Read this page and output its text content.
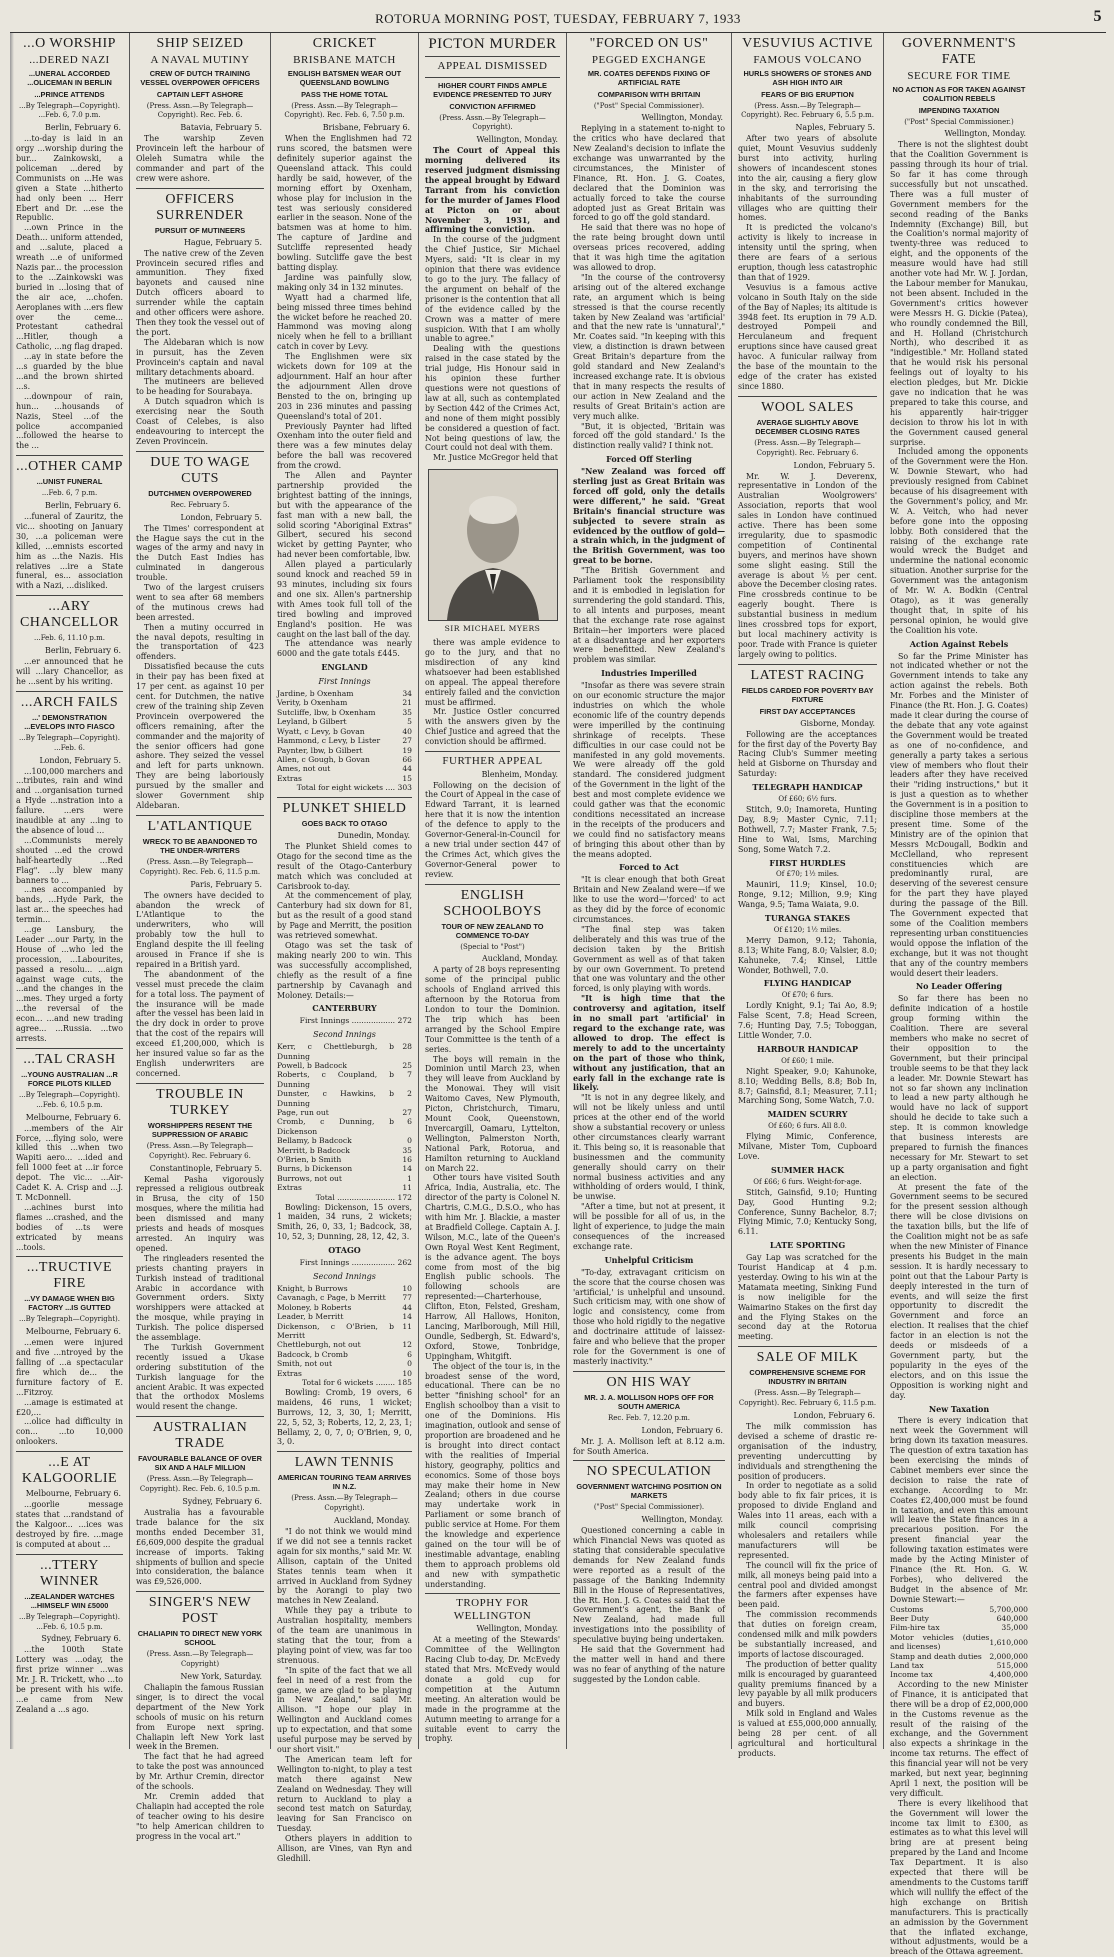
ROTORUA MORNING POST, TUESDAY, FEBRUARY 7, 1933	5
...O WORSHIP
...DERED NAZI
...UNERAL ACCORDED ...OLICEMAN IN BERLIN
...PRINCE ATTENDS
...By Telegraph—Copyright). ...Feb. 6, 7.0 p.m.
Berlin, February 6.

...to-day is laid in an orgy ...worship during the bur... Zainkowski, a policeman ...dered by Communists on ...He was given a State ...hitherto had only been ... Herr Ebert and Dr. ...ese the Republic.

...own Prince in the Death... uniform attended, and ...salute, placed a wreath ...e of uniformed Nazis par... the procession to the ...Zainkowski was buried in ...losing that of the air ace, ...chofen. Aeroplanes with ...ers flew over the ceme... Protestant cathedral ...Hitler, though a Catholic, ...ng flag draped.

...ay in state before the ...s guarded by the blue ...and the brown shirted ...s.

...downpour of rain, hun... ...housands of Nazis, Steel ...of the police accompanied ...followed the hearse to the ...

...OTHER CAMP
...UNIST FUNERAL
...Feb. 6, 7 p.m.
Berlin, February 6.

...funeral of Zauritz, the vic... shooting on January 30, ...a policeman were killed, ...emnists escorted him as ...the Nazis. His relatives ...ire a State funeral, es... association with a Nazi, ...disliked.

...ARY CHANCELLOR
...Feb. 6, 11.10 p.m.
Berlin, February 6.

...er announced that he will ...lary Chancellor, as he ...sent by his writing.

...ARCH FAILS
...' DEMONSTRATION ...EVELOPS INTO FIASCO
...By Telegraph—Copyright). ...Feb. 6.
London, February 5.

...100,000 marchers and ...tributes, rain and wind and ...organisation turned a Hyde ...nstration into a failure. ...ers were inaudible at any ...ing to the absence of loud ...

...Communists merely shouted ...ed the crowd half-heartedly ...Red Flag". ...ly blew many banners to ...

...nes accompanied by bands, ...Hyde Park, the last ar... the speeches had termin...

...ge Lansbury, the Leader ...our Party, in the House of ...who led the procession, ...Labourites, passed a resolu... ...aign against wage cuts, the ...and the changes in the ...mes. They urged a forty ...the reversal of the econ... ...and new trading agree... ...Russia. ...two arrests.

...TAL CRASH
...YOUNG AUSTRALIAN ...R FORCE PILOTS KILLED
...By Telegraph—Copyright). ...Feb. 6, 10.5 p.m.
Melbourne, February 6.

...members of the Air Force, ...flying solo, were killed this ...when two Wapiti aero... ...ided and fell 1000 feet at ...ir force depot. The vic... ...Air-Cadet K. A. Crisp and ...J. T. McDonnell.

...achines burst into flames ...crashed, and the bodies of ...ts were extricated by means ...tools.

...TRUCTIVE FIRE
...VY DAMAGE WHEN BIG FACTORY ...IS GUTTED
...By Telegraph—Copyright).
Melbourne, February 6.

...emen were injured and five ...ntroyed by the falling of ...a spectacular fire which de... the furniture factory of E. ...Fitzroy.

...amage is estimated at £20,...

...olice had difficulty in con... ...to 10,000 onlookers.

...E AT KALGOORLIE
Melbourne, February 6.

...goorlie message states that ...randstand of the Kalgoor... ...ices was destroyed by fire. ...mage is computed at about ...

...TTERY WINNER
...ZEALANDER WATCHES ...HIMSELF WIN £5000
...By Telegraph—Copyright). ...Feb. 6, 10.5 p.m.
Sydney, February 6.

...the 100th State Lottery was ...oday, the first prize winner ...was Mr. J. R. Trickett, who ...to be present with his wife. ...e came from New Zealand a ...s ago.

SHIP SEIZED
A NAVAL MUTINY
CREW OF DUTCH TRAINING VESSEL OVERPOWER OFFICERS
CAPTAIN LEFT ASHORE
(Press. Assn.—By Telegraph—Copyright). Rec. Feb. 6.
Batavia, February 5.

The warship Zeven Provincein left the harbour of Oleleh Sumatra while the commander and part of the crew were ashore.

OFFICERS SURRENDER
PURSUIT OF MUTINEERS
Hague, February 5.

The native crew of the Zeven Provincein secured rifles and ammunition. They fixed bayonets and caused nine Dutch officers aboard to surrender while the captain and other officers were ashore. Then they took the vessel out of the port.

The Aldebaran which is now in pursuit, has the Zeven Provincein's captain and naval military detachments aboard.

The mutineers are believed to be heading for Sourabaya.

A Dutch squadron which is exercising near the South Coast of Celebes, is also endeavouring to intercept the Zeven Provincein.

DUE TO WAGE CUTS
DUTCHMEN OVERPOWERED
Rec. February 5.
London, February 5.

The Times' correspondent at the Hague says the cut in the wages of the army and navy in the Dutch East Indies has culminated in dangerous trouble.

Two of the largest cruisers went to sea after 68 members of the mutinous crews had been arrested.

Then a mutiny occurred in the naval depots, resulting in the transportation of 423 offenders.

Dissatisfied because the cuts in their pay has been fixed at 17 per cent. as against 10 per cent. for Dutchmen, the native crew of the training ship Zeven Provincein overpowered the officers remaining, after the commander and the majority of the senior officers had gone ashore. They seized the vessel and left for parts unknown. They are being laboriously pursued by the smaller and slower Government ship Aldebaran.

L'ATLANTIQUE
WRECK TO BE ABANDONED TO THE UNDER-WRITERS
(Press. Assn.—By Telegraph—Copyright). Rec. Feb. 6, 11.5 p.m.
Paris, February 5.

The owners have decided to abandon the wreck of L'Atlantique to the underwriters, who will probably tow the hull to England despite the ill feeling aroused in France if she is repaired in a British yard.

The abandonment of the vessel must precede the claim for a total loss. The payment of the insurance will be made after the vessel has been laid in the dry dock in order to prove that the cost of the repairs will exceed £1,200,000, which is her insured value so far as the English underwriters are concerned.

TROUBLE IN TURKEY
WORSHIPPERS RESENT THE SUPPRESSION OF ARABIC
(Press. Assn.—By Telegraph—Copyright). Rec. February 6.
Constantinople, February 5.

Kemal Pasha vigorously repressed a religious outbreak in Brusa, the city of 150 mosques, where the militia had been dismissed and many priests and heads of mosques arrested. An inquiry was opened.

The ringleaders resented the priests chanting prayers in Turkish instead of traditional Arabic in accordance with Government orders. Sixty worshippers were attacked at the mosque, while praying in Turkish. The police dispersed the assemblage.

The Turkish Government recently issued a Ukase ordering substitution of the Turkish language for the ancient Arabic. It was expected that the orthodox Moslems would resent the change.

AUSTRALIAN TRADE
FAVOURABLE BALANCE OF OVER SIX AND A HALF MILLION
(Press. Assn.—By Telegraph—Copyright). Rec. Feb. 6, 10.5 p.m.
Sydney, February 6.

Australia has a favourable trade balance for the six months ended December 31, £6,609,000 despite the gradual increase of imports. Taking shipments of bullion and specie into consideration, the balance was £9,526,000.

SINGER'S NEW POST
CHALIAPIN TO DIRECT NEW YORK SCHOOL
(Press. Assn.—By Telegraph—Copyright)
New York, Saturday.

Chaliapin the famous Russian singer, is to direct the vocal department of the New York schools of music on his return from Europe next spring. Chaliapin left New York last week in the Bremen.

The fact that he had agreed to take the post was announced by Mr. Arthur Cremin, director of the schools.

Mr. Cremin added that Chaliapin had accepted the role of teacher owing to his desire "to help American children to progress in the vocal art."

CRICKET
BRISBANE MATCH
ENGLISH BATSMEN WEAR OUT QUEENSLAND BOWLING
PASS THE HOME TOTAL
(Press. Assn.—By Telegraph—Copyright). Rec. Feb. 6, 7.50 p.m.
Brisbane, February 6.

When the Englishmen had 72 runs scored, the batsmen were definitely superior against the Queensland attack. This could hardly be said, however, of the morning effort by Oxenham, whose play for inclusion in the test was seriously considered earlier in the season. None of the batsmen was at home to him. The capture of Jardine and Sutcliffe represented heady bowling. Sutcliffe gave the best batting display.

Jardine was painfully slow, making only 34 in 132 minutes.

Wyatt had a charmed life, being missed three times behind the wicket before he reached 20. Hammond was moving along nicely when he fell to a brilliant catch in cover by Levy.

The Englishmen were six wickets down for 109 at the adjournment. Half an hour after the adjournment Allen drove Bensted to the on, bringing up 203 in 236 minutes and passing Queensland's total of 201.

Previously Paynter had lifted Oxenham into the outer field and there was a few minutes delay before the ball was recovered from the crowd.

The Allen and Paynter partnership provided the brightest batting of the innings, but with the appearance of the fast man with a new ball, the solid scoring "Aboriginal Extras" Gilbert, secured his second wicket by getting Paynter, who had never been comfortable, lbw.

Allen played a particularly sound knock and reached 59 in 93 minutes, including six fours and one six. Allen's partnership with Ames took full toll of the tired bowling and improved England's position. He was caught on the last ball of the day.

The attendance was nearly 6000 and the gate totals £445.

ENGLAND
First Innings
Jardine, b Oxenham	34
Verity, b Oxenham	21
Sutcliffe, lbw, b Oxenham	35
Leyland, b Gilbert	5
Wyatt, c Levy, b Govan	40
Hammond, c Levy, b Lister	27
Paynter, lbw, b Gilbert	19
Allen, c Gough, b Govan	66
Ames, not out	44
Extras	15
Total for eight wickets .... 303
PLUNKET SHIELD
GOES BACK TO OTAGO
Dunedin, Monday.

The Plunket Shield comes to Otago for the second time as the result of the Otago-Canterbury match which was concluded at Carisbrook to-day.

At the commencement of play, Canterbury had six down for 81, but as the result of a good stand by Page and Merritt, the position was retrieved somewhat.

Otago was set the task of making nearly 200 to win. This was successfully accomplished, chiefly as the result of a fine partnership by Cavanagh and Moloney. Details:—

CANTERBURY
First Innings .................. 272
Second Innings
Kerr, c Chettleburgh, b Dunning	28
Powell, b Badcock	25
Roberts, c Coupland, b Dunning	7
Dunster, c Hawkins, b Dunning	2
Page, run out	27
Cromb, c Dunning, b Dickenson	6
Bellamy, b Badcock	0
Merritt, b Badcock	35
O'Brien, b Smith	16
Burns, b Dickenson	14
Burrows, not out	1
Extras	11
Total ........................ 172

Bowling: Dickenson, 15 overs, 1 maiden, 34 runs, 2 wickets; Smith, 26, 0, 33, 1; Badcock, 38, 10, 52, 3; Dunning, 28, 12, 42, 3.

OTAGO
First Innings .................. 262
Second Innings
Knight, b Burrows	10
Cavanagh, c Page, b Merritt	77
Moloney, b Roberts	44
Leader, b Merritt	14
Dickenson, c O'Brien, b Merritt	11
Chettleburgh, not out	12
Badcock, b Cromb	6
Smith, not out	0
Extras	10
Total for 6 wickets ........ 185

Bowling: Cromb, 19 overs, 6 maidens, 46 runs, 1 wicket; Burrows, 12, 3, 30, 1; Merritt, 22, 5, 52, 3; Roberts, 12, 2, 23, 1; Bellamy, 2, 0, 7, 0; O'Brien, 9, 0, 3, 0.

LAWN TENNIS
AMERICAN TOURING TEAM ARRIVES IN N.Z.
(Press. Assn.—By Telegraph—Copyright).
Auckland, Monday.

"I do not think we would mind if we did not see a tennis racket again for six months," said Mr. W. Allison, captain of the United States tennis team when it arrived in Auckland from Sydney by the Aorangi to play two matches in New Zealand.

While they pay a tribute to Australian hospitality, members of the team are unanimous in stating that the tour, from a playing point of view, was far too strenuous.

"In spite of the fact that we all feel in need of a rest from the game, we are glad to be playing in New Zealand," said Mr. Allison. "I hope our play in Wellington and Auckland comes up to expectation, and that some useful purpose may be served by our short visit."

The American team left for Wellington to-night, to play a test match there against New Zealand on Wednesday. They will return to Auckland to play a second test match on Saturday, leaving for San Francisco on Tuesday.

Others players in addition to Allison, are Vines, van Ryn and Gledhill.

PICTON MURDER
APPEAL DISMISSED
HIGHER COURT FINDS AMPLE EVIDENCE PRESENTED TO JURY
CONVICTION AFFIRMED
(Press. Assn.—By Telegraph—Copyright).
Wellington, Monday.

The Court of Appeal this morning delivered its reserved judgment dismissing the appeal brought by Edward Tarrant from his conviction for the murder of James Flood at Picton on or about November 3, 1931, and affirming the conviction.

In the course of the judgment the Chief Justice, Sir Michael Myers, said: "It is clear in my opinion that there was evidence to go to the jury. The fallacy of the argument on behalf of the prisoner is the contention that all of the evidence called by the Crown was a matter of mere suspicion. With that I am wholly unable to agree."

Dealing with the questions raised in the case stated by the trial judge, His Honour said in his opinion these further questions were not questions of law at all, such as contemplated by Section 442 of the Crimes Act, and none of them might possibly be considered a question of fact. Not being questions of law, the Court could not deal with them.

Mr. Justice McGregor held that

SIR MICHAEL MYERS

there was ample evidence to go to the jury, and that no misdirection of any kind whatsoever had been established on appeal. The appeal therefore entirely failed and the conviction must be affirmed.

Mr. Justice Ostler concurred with the answers given by the Chief Justice and agreed that the conviction should be affirmed.

FURTHER APPEAL
Blenheim, Monday.

Following on the decision of the Court of Appeal in the case of Edward Tarrant, it is learned here that it is now the intention of the defence to apply to the Governor-General-in-Council for a new trial under section 447 of the Crimes Act, which gives the Governor-General power to review.

ENGLISH SCHOOLBOYS
TOUR OF NEW ZEALAND TO COMMENCE TO-DAY
(Special to "Post")
Auckland, Monday.

A party of 28 boys representing some of the principal public schools of England arrived this afternoon by the Rotorua from London to tour the Dominion. The trip which has been arranged by the School Empire Tour Committee is the tenth of a series.

The boys will remain in the Dominion until March 23, when they will leave from Auckland by the Monowai. They will visit Waitomo Caves, New Plymouth, Picton, Christchurch, Timaru, Mount Cook, Queenstown, Invercargill, Oamaru, Lyttelton, Wellington, Palmerston North, National Park, Rotorua, and Hamilton returning to Auckland on March 22.

Other tours have visited South Africa, India, Australia, etc. The director of the party is Colonel N. Chartris, C.M.G., D.S.O., who has with him Mr. J. Blackie, a master at Bradfield College. Captain A. J. Wilson, M.C., late of the Queen's Own Royal West Kent Regiment, is the advance agent. The boys come from most of the big English public schools. The following schools are represented:—Charterhouse, Clifton, Eton, Felsted, Gresham, Harrow, All Hallows, Honiton, Lancing, Marlborough, Mill Hill, Oundle, Sedbergh, St. Edward's, Oxford, Stowe, Tonbridge, Uppingham, Whitgift.

The object of the tour is, in the broadest sense of the word, educational. There can be no better "finishing school" for an English schoolboy than a visit to one of the Dominions. His imagination, outlook and sense of proportion are broadened and he is brought into direct contact with the realities of Imperial history, geography, politics and economics. Some of those boys may make their home in New Zealand; others in due course may undertake work in Parliament or some branch of public service at Home. For them the knowledge and experience gained on the tour will be of inestimable advantage, enabling them to approach problems old and new with sympathetic understanding.

TROPHY FOR WELLINGTON
Wellington, Monday.

At a meeting of the Stewards' Committee of the Wellington Racing Club to-day, Dr. McEvedy stated that Mrs. McEvedy would donate a gold cup for competition at the Autumn meeting. An alteration would be made in the programme at the Autumn meeting to arrange for a suitable event to carry the trophy.

"FORCED ON US"
PEGGED EXCHANGE
MR. COATES DEFENDS FIXING OF ARTIFICIAL RATE
COMPARISON WITH BRITAIN
("Post" Special Commissioner).
Wellington, Monday.

Replying in a statement to-night to the critics who have declared that New Zealand's decision to inflate the exchange was unwarranted by the circumstances, the Minister of Finance, Rt. Hon. J. G. Coates, declared that the Dominion was actually forced to take the course adopted just as Great Britain was forced to go off the gold standard.

He said that there was no hope of the rate being brought down until overseas prices recovered, adding that it was high time the agitation was allowed to drop.

"In the course of the controversy arising out of the altered exchange rate, an argument which is being stressed is that the course recently taken by New Zealand was 'artificial' and that the new rate is 'unnatural'," Mr. Coates said. "In keeping with this view, a distinction is drawn between Great Britain's departure from the gold standard and New Zealand's increased exchange rate. It is obvious that in many respects the results of our action in New Zealand and the results of Great Britain's action are very much alike.

"But, it is objected, 'Britain was forced off the gold standard.' Is the distinction really valid? I think not.

Forced Off Sterling

"New Zealand was forced off sterling just as Great Britain was forced off gold, only the details were different," he said. "Great Britain's financial structure was subjected to severe strain as evidenced by the outflow of gold—a strain which, in the judgment of the British Government, was too great to be borne.

"The British Government and Parliament took the responsibility and it is embodied in legislation for surrendering the gold standard. This, to all intents and purposes, meant that the exchange rate rose against Britain—her importers were placed at a disadvantage and her exporters were benefitted. New Zealand's problem was similar.

Industries Imperilled

"Insofar as there was severe strain on our economic structure the major industries on which the whole economic life of the country depends were imperilled by the continuing shrinkage of receipts. These difficulties in our case could not be manifested in any gold movements. We were already off the gold standard. The considered judgment of the Government in the light of the best and most complete evidence we could gather was that the economic conditions necessitated an increase in the receipts of the producers and we could find no satisfactory means of bringing this about other than by the means adopted.

Forced to Act

"It is clear enough that both Great Britain and New Zealand were—if we like to use the word—'forced' to act as they did by the force of economic circumstances.

"The final step was taken deliberately and this was true of the decision taken by the British Government as well as of that taken by our own Government. To pretend that one was voluntary and the other forced, is only playing with words.

"It is high time that the controversy and agitation, itself in no small part 'artificial' in regard to the exchange rate, was allowed to drop. The effect is merely to add to the uncertainty on the part of those who think, without any justification, that an early fall in the exchange rate is likely.

"It is not in any degree likely, and will not be likely unless and until prices at the other end of the world show a substantial recovery or unless other circumstances clearly warrant it. This being so, it is reasonable that businessmen and the community generally should carry on their normal business activities and any withholding of orders would, I think, be unwise.

"After a time, but not at present, it will be possible for all of us, in the light of experience, to judge the main consequences of the increased exchange rate.

Unhelpful Criticism

"To-day, extravagant criticism on the score that the course chosen was 'artificial,' is unhelpful and unsound. Such criticism may, with one show of logic and consistency, come from those who hold rigidly to the negative and doctrinaire attitude of laissez-faire and who believe that the proper role for the Government is one of masterly inactivity."

ON HIS WAY
MR. J. A. MOLLISON HOPS OFF FOR SOUTH AMERICA
Rec. Feb. 7, 12.20 p.m.
London, February 6.

Mr. J. A. Mollison left at 8.12 a.m. for South America.

NO SPECULATION
GOVERNMENT WATCHING POSITION ON MARKETS
("Post" Special Commissioner).
Wellington, Monday.

Questioned concerning a cable in which Financial News was quoted as stating that considerable speculative demands for New Zealand funds were reported as a result of the passage of the Banking Indemnity Bill in the House of Representatives, the Rt. Hon. J. G. Coates said that the Government's agent, the Bank of New Zealand, had made full investigations into the possibility of speculative buying being undertaken.

He said that the Government had the matter well in hand and there was no fear of anything of the nature suggested by the London cable.

VESUVIUS ACTIVE
FAMOUS VOLCANO
HURLS SHOWERS OF STONES AND ASH HIGH INTO AIR
FEARS OF BIG ERUPTION
(Press. Assn.—By Telegraph—Copyright). Rec. February 6, 5.5 p.m.
Naples, February 5.

After two years of absolute quiet, Mount Vesuvius suddenly burst into activity, hurling showers of incandescent stones into the air, causing a fiery glow in the sky, and terrorising the inhabitants of the surrounding villages who are quitting their homes.

It is predicted the volcano's activity is likely to increase in intensity until the spring, when there are fears of a serious eruption, though less catastrophic than that of 1929.

Vesuvius is a famous active volcano in South Italy on the side of the Bay of Naples; its altitude is 3948 feet. Its eruption in 79 A.D. destroyed Pompeii and Herculaneum and frequent eruptions since have caused great havoc. A funicular railway from the base of the mountain to the edge of the crater has existed since 1880.

WOOL SALES
AVERAGE SLIGHTLY ABOVE DECEMBER CLOSING RATES
(Press. Assn.—By Telegraph—Copyright). Rec. February 6.
London, February 5.

Mr. W. J. Deverenx, representative in London of the Australian Woolgrowers' Association, reports that wool sales in London have continued active. There has been some irregularity, due to spasmodic competition of Continental buyers, and merinos have shown some slight easing. Still the average is about ½ per cent. above the December closing rates. Fine crossbreds continue to be eagerly bought. There is substantial business in medium lines crossbred tops for export, but local machinery activity is poor. Trade with France is quieter largely owing to politics.

LATEST RACING
FIELDS CARDED FOR POVERTY BAY FIXTURE
FIRST DAY ACCEPTANCES
Gisborne, Monday.

Following are the acceptances for the first day of the Poverty Bay Racing Club's Summer meeting held at Gisborne on Thursday and Saturday:

TELEGRAPH HANDICAP
Of £60; 6½ furs.

Stitch, 9.0; Inamoreta, Hunting Day, 8.9; Master Cynic, 7.11; Bothwell, 7.7; Master Frank, 7.5; Hine to Wai, Isms, Marching Song, Some Watch 7.2.

FIRST HURDLES
Of £70; 1½ miles.

Mauniri, 11.9; Kinsel, 10.0; Ronge, 9.12; Million, 9.9; King Wanga, 9.5; Tama Waiata, 9.0.

TURANGA STAKES
Of £120; 1½ miles.

Merry Damon, 9.12; Tahonia, 8.13; White Fang, 8.0; Valsier, 8.0; Kahuneke, 7.4; Kinsel, Little Wonder, Bothwell, 7.0.

FLYING HANDICAP
Of £70; 6 furs.

Lordly Knight, 9.1; Tai Ao, 8.9; False Scent, 7.8; Head Screen, 7.6; Hunting Day, 7.5; Toboggan, Little Wonder, 7.0.

HARBOUR HANDICAP
Of £60; 1 mile.

Night Speaker, 9.0; Kahunoke, 8.10; Wedding Bells, 8.8; Bob In, 8.7; Gainsfid, 8.1; Measurer, 7.11; Marching Song, Some Watch, 7.0.

MAIDEN SCURRY
Of £60; 6 furs. All 8.0.

Flying Mimic, Conference, Milvane, Mister Tom, Cupboard Love.

SUMMER HACK
Of £66; 6 furs. Weight-for-age.

Stitch, Gainsfid, 9.10; Hunting Day, Good Hunting 9.2; Conference, Sunny Bachelor, 8.7; Flying Mimic, 7.0; Kentucky Song, 6.11.

LATE SPORTING

Gay Lap was scratched for the Tourist Handicap at 4 p.m. yesterday. Owing to his win at the Matamata meeting, Sinking Fund is now ineligible for the Waimarino Stakes on the first day and the Flying Stakes on the second day at the Rotorua meeting.

SALE OF MILK
COMPREHENSIVE SCHEME FOR INDUSTRY IN BRITAIN
(Press. Assn.—By Telegraph—Copyright). Rec. February 6, 11.5 p.m.
London, February 6.

The milk commission has devised a scheme of drastic re-organisation of the industry, preventing undercutting by individuals and strengthening the position of producers.

In order to negotiate as a solid body able to fix fair prices, it is proposed to divide England and Wales into 11 areas, each with a milk council comprising wholesalers and retailers while manufacturers will be represented.

The council will fix the price of milk, all moneys being paid into a central pool and divided amongst the farmers after expenses have been paid.

The commission recommends that duties on foreign cream, condensed milk and milk powders be substantially increased, and imports of lactose discouraged.

The production of better quality milk is encouraged by guaranteed quality premiums financed by a levy payable by all milk producers and buyers.

Milk sold in England and Wales is valued at £55,000,000 annually, being 28 per cent. of all agricultural and horticultural products.

GOVERNMENT'S FATE
SECURE FOR TIME
NO ACTION AS FOR TAKEN AGAINST COALITION REBELS
IMPENDING TAXATION
("Post" Special Commissioner.)
Wellington, Monday.

There is not the slightest doubt that the Coalition Government is passing through its hour of trial. So far it has come through successfully but not unscathed. There was a full muster of Government members for the second reading of the Banks Indemnity (Exchange) Bill, but the Coalition's normal majority of twenty-three was reduced to eight, and the opponents of the measure would have had still another vote had Mr. W. J. Jordan, the Labour member for Manukau, not been absent. Included in the Government's critics however were Messrs H. G. Dickie (Patea), who roundly condemned the Bill, and H. Holland (Christchurch North), who described it as "indigestible." Mr. Holland stated that he would risk his personal feelings out of loyalty to his election pledges, but Mr. Dickie gave no indication that he was prepared to take this course, and his apparently hair-trigger decision to throw his lot in with the Government caused general surprise.

Included among the opponents of the Government were the Hon. W. Downie Stewart, who had previously resigned from Cabinet because of his disagreement with the Government's policy, and Mr. W. A. Veitch, who had never before gone into the opposing lobby. Both considered that the raising of the exchange rate would wreck the Budget and undermine the national economic situation. Another surprise for the Government was the antagonism of Mr. W. A. Bodkin (Central Otago), as it was generally thought that, in spite of his personal opinion, he would give the Coalition his vote.

Action Against Rebels

So far the Prime Minister has not indicated whether or not the Government intends to take any action against the rebels. Both Mr. Forbes and the Minister of Finance (the Rt. Hon. J. G. Coates) made it clear during the course of the debate that any vote against the Government would be treated as one of no-confidence, and generally a party takes a serious view of members who flout their leaders after they have received their "riding instructions," but it is just a question as to whether the Government is in a position to discipline those members at the present time. Some of the Ministry are of the opinion that Messrs McDougall, Bodkin and McClelland, who represent constituencies which are predominantly rural, are deserving of the severest censure for the part they have played during the passage of the Bill. The Government expected that some of the Coalition members representing urban constituencies would oppose the inflation of the exchange, but it was not thought that any of the country members would desert their leaders.

No Leader Offering

So far there has been no definite indication of a hostile group forming within the Coalition. There are several members who make no secret of their opposition to the Government, but their principal trouble seems to be that they lack a leader. Mr. Downie Stewart has not so far shown any inclination to lead a new party although he would have no lack of support should he decide to take such a step. It is common knowledge that business interests are prepared to furnish the finances necessary for Mr. Stewart to set up a party organisation and fight an election.

At present the fate of the Government seems to be secured for the present session although there will be close divisions on the taxation bills, but the life of the Coalition might not be as safe when the new Minister of Finance presents his Budget in the main session. It is hardly necessary to point out that the Labour Party is deeply interested in the turn of events, and will seize the first opportunity to discredit the Government and force an election. It realises that the chief factor in an election is not the deeds or misdeeds of a Government party, but the popularity in the eyes of the electors, and on this issue the Opposition is working night and day.

New Taxation

There is every indication that next week the Government will bring down its taxation measures. The question of extra taxation has been exercising the minds of Cabinet members ever since the decision to raise the rate of exchange. According to Mr. Coates £2,400,000 must be found in taxation, and even this amount will leave the State finances in a precarious position. For the present financial year the following taxation estimates were made by the Acting Minister of Finance (the Rt. Hon. G. W. Forbes), who delivered the Budget in the absence of Mr. Downie Stewart:—

Customs	5,700,000
Beer Duty	640,000
Film-hire tax	35,000
Motor vehicles (duties and licenses)	1,610,000
Stamp and death duties	2,000,000
Land tax	515,000
Income tax	4,400,000

According to the new Minister of Finance, it is anticipated that there will be a drop of £2,000,000 in the Customs revenue as the result of the raising of the exchange, and the Government also expects a shrinkage in the income tax returns. The effect of this financial year will not be very marked, but next year, beginning April 1 next, the position will be very difficult.

There is every likelihood that the Government will lower the income tax limit to £300, as estimates as to what this level will bring are at present being prepared by the Land and Income Tax Department. It is also expected that there will be amendments to the Customs tariff which will nullify the effect of the high exchange on British manufacturers. This is practically an admission by the Government that the inflated exchange, without adjustments, would be a breach of the Ottawa agreement.
